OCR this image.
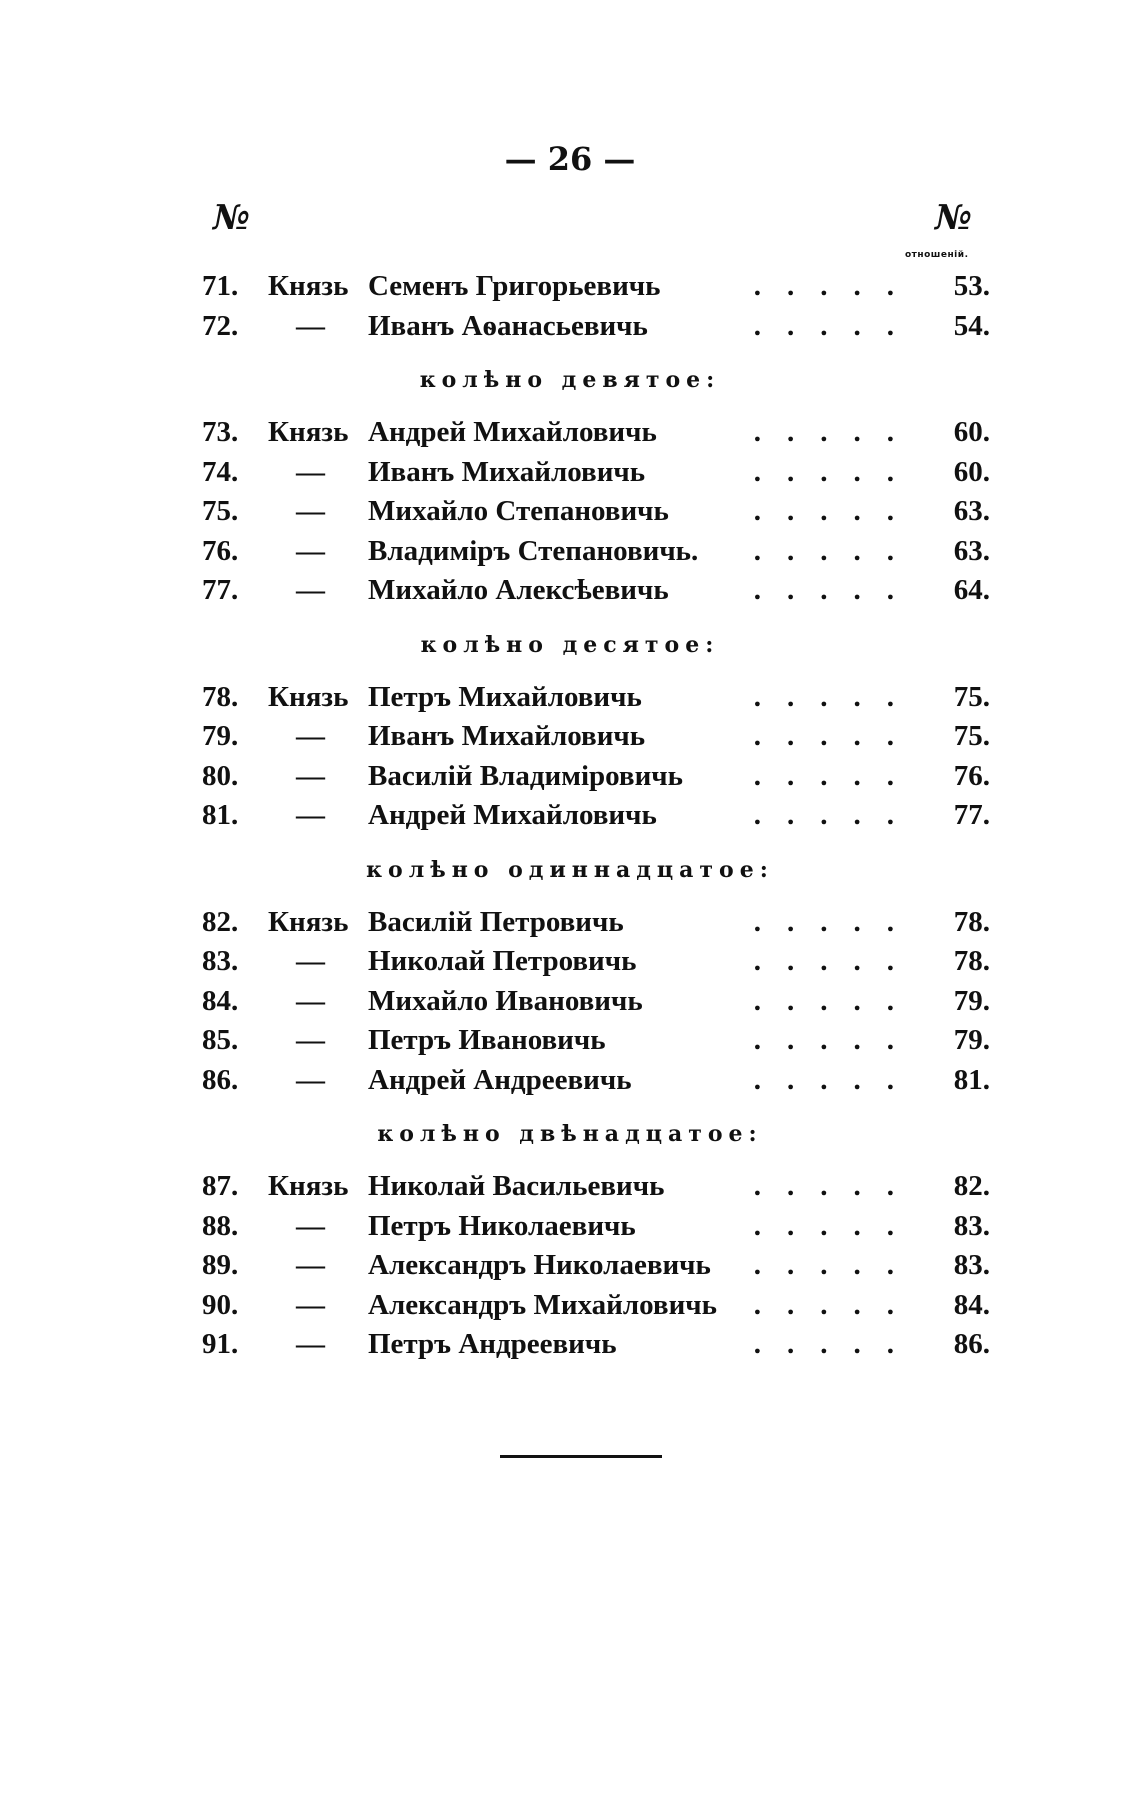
— 26 —
№	№
отношеній.
71.	Князь Семенъ Григорьевичь	.....	53.
72.	—	Иванъ Аѳанасьевичь	.....	54.
колѣно девятое:
73.	Князь Андрей Михайловичь	.....	60.
74.	—	Иванъ Михайловичь	.....	60.
75.	—	Михайло Степановичь	.....	63.
76.	—	Владиміръ Степановичь.	.....	63.
77.	—	Михайло Алексѣевичь	.....	64.
колѣно десятое:
78.	Князь Петръ Михайловичь	.....	75.
79.	—	Иванъ Михайловичь	.....	75.
80.	—	Василій Владиміровичь	.....	76.
81.	—	Андрей Михайловичь	.....	77.
колѣно одиннадцатое:
82.	Князь Василій Петровичь	.....	78.
83.	—	Николай Петровичь	.....	78.
84.	—	Михайло Ивановичь	.....	79.
85.	—	Петръ Ивановичь	.....	79.
86.	—	Андрей Андреевичь	.....	81.
колѣно двѣнадцатое:
87.	Князь Николай Васильевичь	.....	82.
88.	—	Петръ Николаевичь	.....	83.
89.	—	Александръ Николаевичь	.....	83.
90.	—	Александръ Михайловичь	.....	84.
91.	—	Петръ Андреевичь	.....	86.
